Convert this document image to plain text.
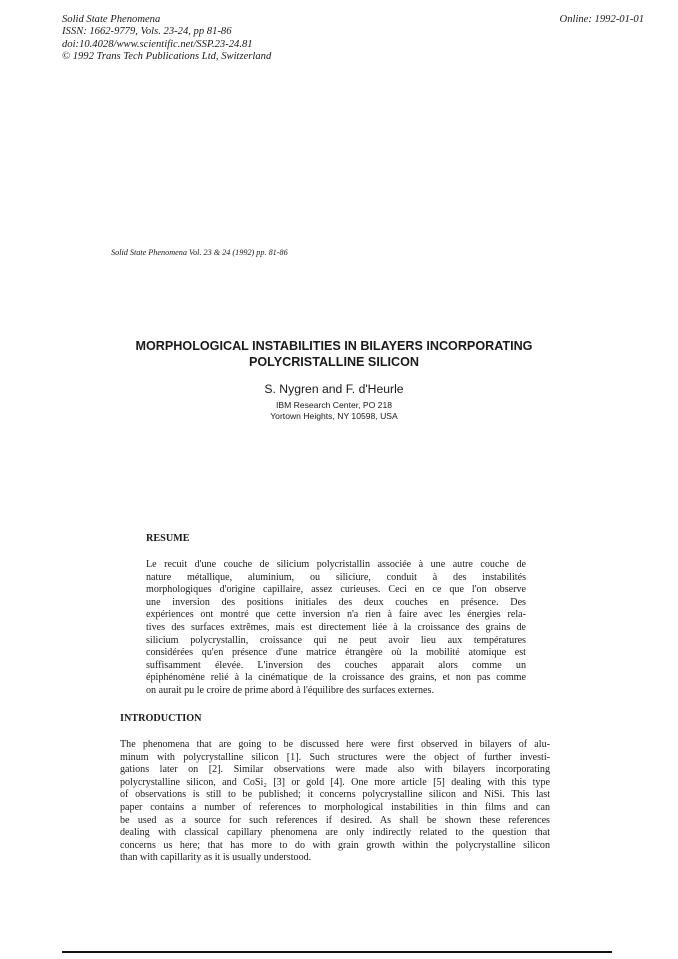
Solid State Phenomena
ISSN: 1662-9779, Vols. 23-24, pp 81-86
doi:10.4028/www.scientific.net/SSP.23-24.81
© 1992 Trans Tech Publications Ltd, Switzerland
Online: 1992-01-01
Solid State Phenomena Vol. 23 & 24 (1992) pp. 81-86
MORPHOLOGICAL INSTABILITIES IN BILAYERS INCORPORATING
POLYCRISTALLINE SILICON
S. Nygren and F. d'Heurle
IBM Research Center, PO 218
Yortown Heights, NY 10598, USA
RESUME
Le recuit d'une couche de silicium polycristallin associée à une autre couche de
nature métallique, aluminium, ou siliciure, conduit à des instabilités
morphologiques d'origine capillaire, assez curieuses. Ceci en ce que l'on observe
une inversion des positions initiales des deux couches en présence. Des
expériences ont montré que cette inversion n'a rien à faire avec les énergies rela-
tives des surfaces extrêmes, mais est directement liée à la croissance des grains de
silicium polycrystallin, croissance qui ne peut avoir lieu aux températures
considérées qu'en présence d'une matrice étrangère où la mobilité atomique est
suffisamment élevée. L'inversion des couches apparait alors comme un
épiphénomène relié à la cinématique de la croissance des grains, et non pas comme
on aurait pu le croire de prime abord à l'équilibre des surfaces externes.
INTRODUCTION
The phenomena that are going to be discussed here were first observed in bilayers of alu-
minum with polycrystalline silicon [1]. Such structures were the object of further investi-
gations later on [2]. Similar observations were made also with bilayers incorporating
polycrystalline silicon, and CoSi₂ [3] or gold [4]. One more article [5] dealing with this type
of observations is still to be published; it concerns polycrystalline silicon and NiSi. This last
paper contains a number of references to morphological instabilities in thin films and can
be used as a source for such references if desired. As shall be shown these references
dealing with classical capillary phenomena are only indirectly related to the question that
concerns us here; that has more to do with grain growth within the polycrystalline silicon
than with capillarity as it is usually understood.
